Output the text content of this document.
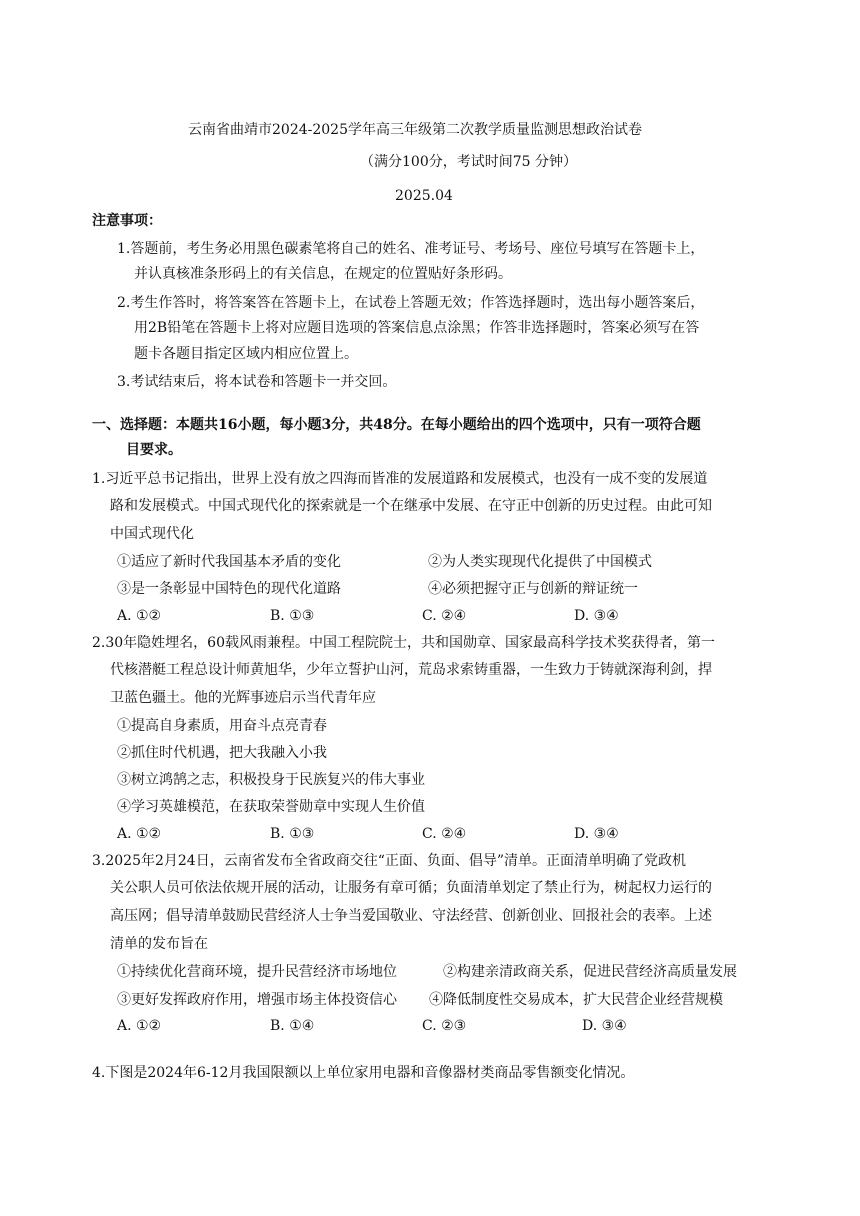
云南省曲靖市2024-2025学年高三年级第二次教学质量监测思想政治试卷
（满分100分，考试时间75 分钟）
2025.04
注意事项：
1.答题前，考生务必用黑色碳素笔将自己的姓名、准考证号、考场号、座位号填写在答题卡上，
并认真核准条形码上的有关信息，在规定的位置贴好条形码。
2.考生作答时，将答案答在答题卡上，在试卷上答题无效；作答选择题时，选出每小题答案后，
用2B铅笔在答题卡上将对应题目选项的答案信息点涂黑；作答非选择题时，答案必须写在答
题卡各题目指定区域内相应位置上。
3.考试结束后，将本试卷和答题卡一并交回。
一、选择题：本题共16小题，每小题3分，共48分。在每小题给出的四个选项中，只有一项符合题
目要求。
1.习近平总书记指出，世界上没有放之四海而皆准的发展道路和发展模式，也没有一成不变的发展道
路和发展模式。中国式现代化的探索就是一个在继承中发展、在守正中创新的历史过程。由此可知
中国式现代化
①适应了新时代我国基本矛盾的变化	②为人类实现现代化提供了中国模式
③是一条彰显中国特色的现代化道路	④必须把握守正与创新的辩证统一
A. ①②	B. ①③	C. ②④	D. ③④
2.30年隐姓埋名，60载风雨兼程。中国工程院院士，共和国勋章、国家最高科学技术奖获得者，第一
代核潜艇工程总设计师黄旭华，少年立誓护山河，荒岛求索铸重器，一生致力于铸就深海利剑，捍
卫蓝色疆土。他的光辉事迹启示当代青年应
①提高自身素质，用奋斗点亮青春
②抓住时代机遇，把大我融入小我
③树立鸿鹄之志，积极投身于民族复兴的伟大事业
④学习英雄模范，在获取荣誉勋章中实现人生价值
A. ①②	B. ①③	C. ②④	D. ③④
3.2025年2月24日，云南省发布全省政商交往“正面、负面、倡导”清单。正面清单明确了党政机
关公职人员可依法依规开展的活动，让服务有章可循；负面清单划定了禁止行为，树起权力运行的
高压网；倡导清单鼓励民营经济人士争当爱国敬业、守法经营、创新创业、回报社会的表率。上述
清单的发布旨在
①持续优化营商环境，提升民营经济市场地位	②构建亲清政商关系，促进民营经济高质量发展
③更好发挥政府作用，增强市场主体投资信心 ④降低制度性交易成本，扩大民营企业经营规模
A. ①②	B. ①④	C. ②③	D. ③④
4.下图是2024年6-12月我国限额以上单位家用电器和音像器材类商品零售额变化情况。
